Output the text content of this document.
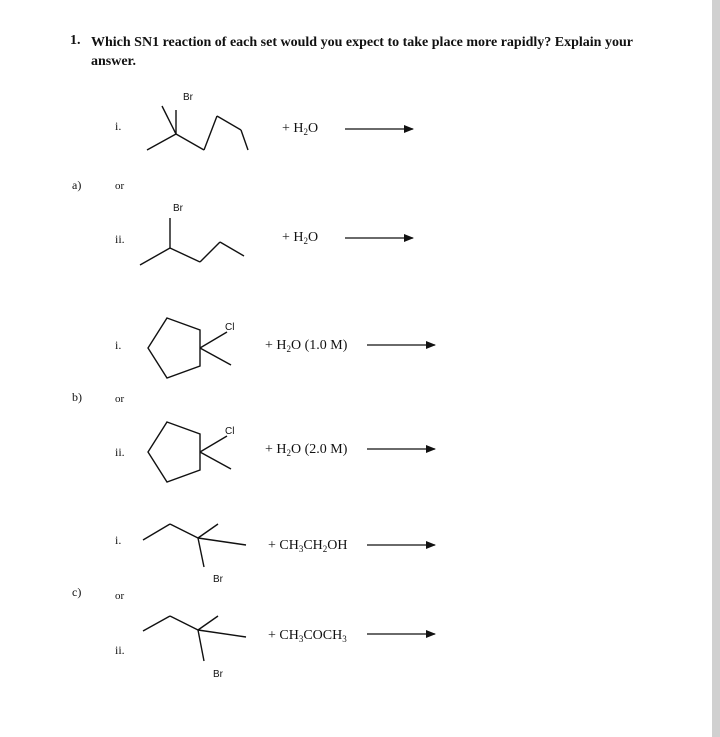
1. Which SN1 reaction of each set would you expect to take place more rapidly? Explain your answer.
a)
i.
or
ii.
+ $H_2O$
+ $H_2O$
b)
i.
or
ii.
+ $H_2O$ (1.0 M)
+ $H_2O$ (2.0 M)
c)
i.
or
ii.
+ $CH_3CH_2OH$
+ $CH_3COCH_3$
Br
Br
Cl
Cl
Br
Br
